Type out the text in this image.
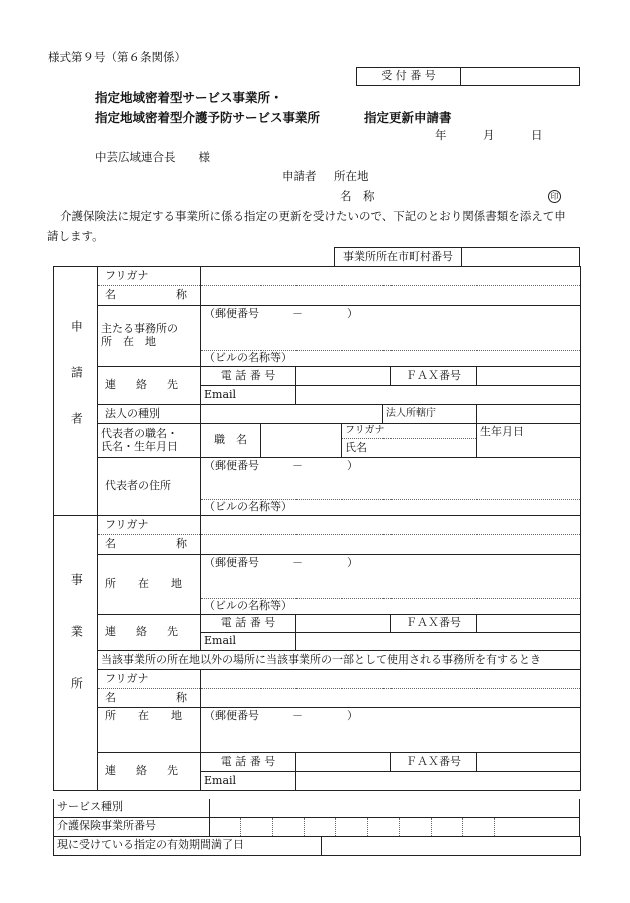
様式第９号（第６条関係）
受 付 番 号	
指定地域密着型サービス事業所・
指定地域密着型介護予防サービス事業所	指定更新申請書
年	月	日
中芸広域連合長　　様
申請者 所在地
名　称	印
介護保険法に規定する事業所に係る指定の更新を受けたいので、下記のとおり関係書類を添えて申
請します。
事業所所在市町村番号	
申請者	フリガナ							

名称							

	主たる事務所の
所　在　地	（郵便番号　　　－　　　　）						
		（ビルの名称等）						

連絡先	電 話 番 号					ＦＡＸ番号	
		Email						

法人の種別					法人所轄庁		

	代表者の職名・
氏名・生年月日	職　名			フリガナ			生年月日
					氏名			

代表者の住所	（郵便番号　　　－　　　　）						
		（ビルの名称等）						
事業所	フリガナ							

名称							

所在地	（郵便番号　　　－　　　　）						
		（ビルの名称等）						

連絡先	電 話 番 号					ＦＡＸ番号	
		Email						
	当該事業所の所在地以外の場所に当該事業所の一部として使用される事務所を有するとき							

フリガナ							

名称							

所在地	（郵便番号　　　－　　　　）						

連絡先	電 話 番 号					ＦＡＸ番号	
		Email						
サービス種別										
介護保険事業所番号										
現に受けている指定の有効期間満了日	
